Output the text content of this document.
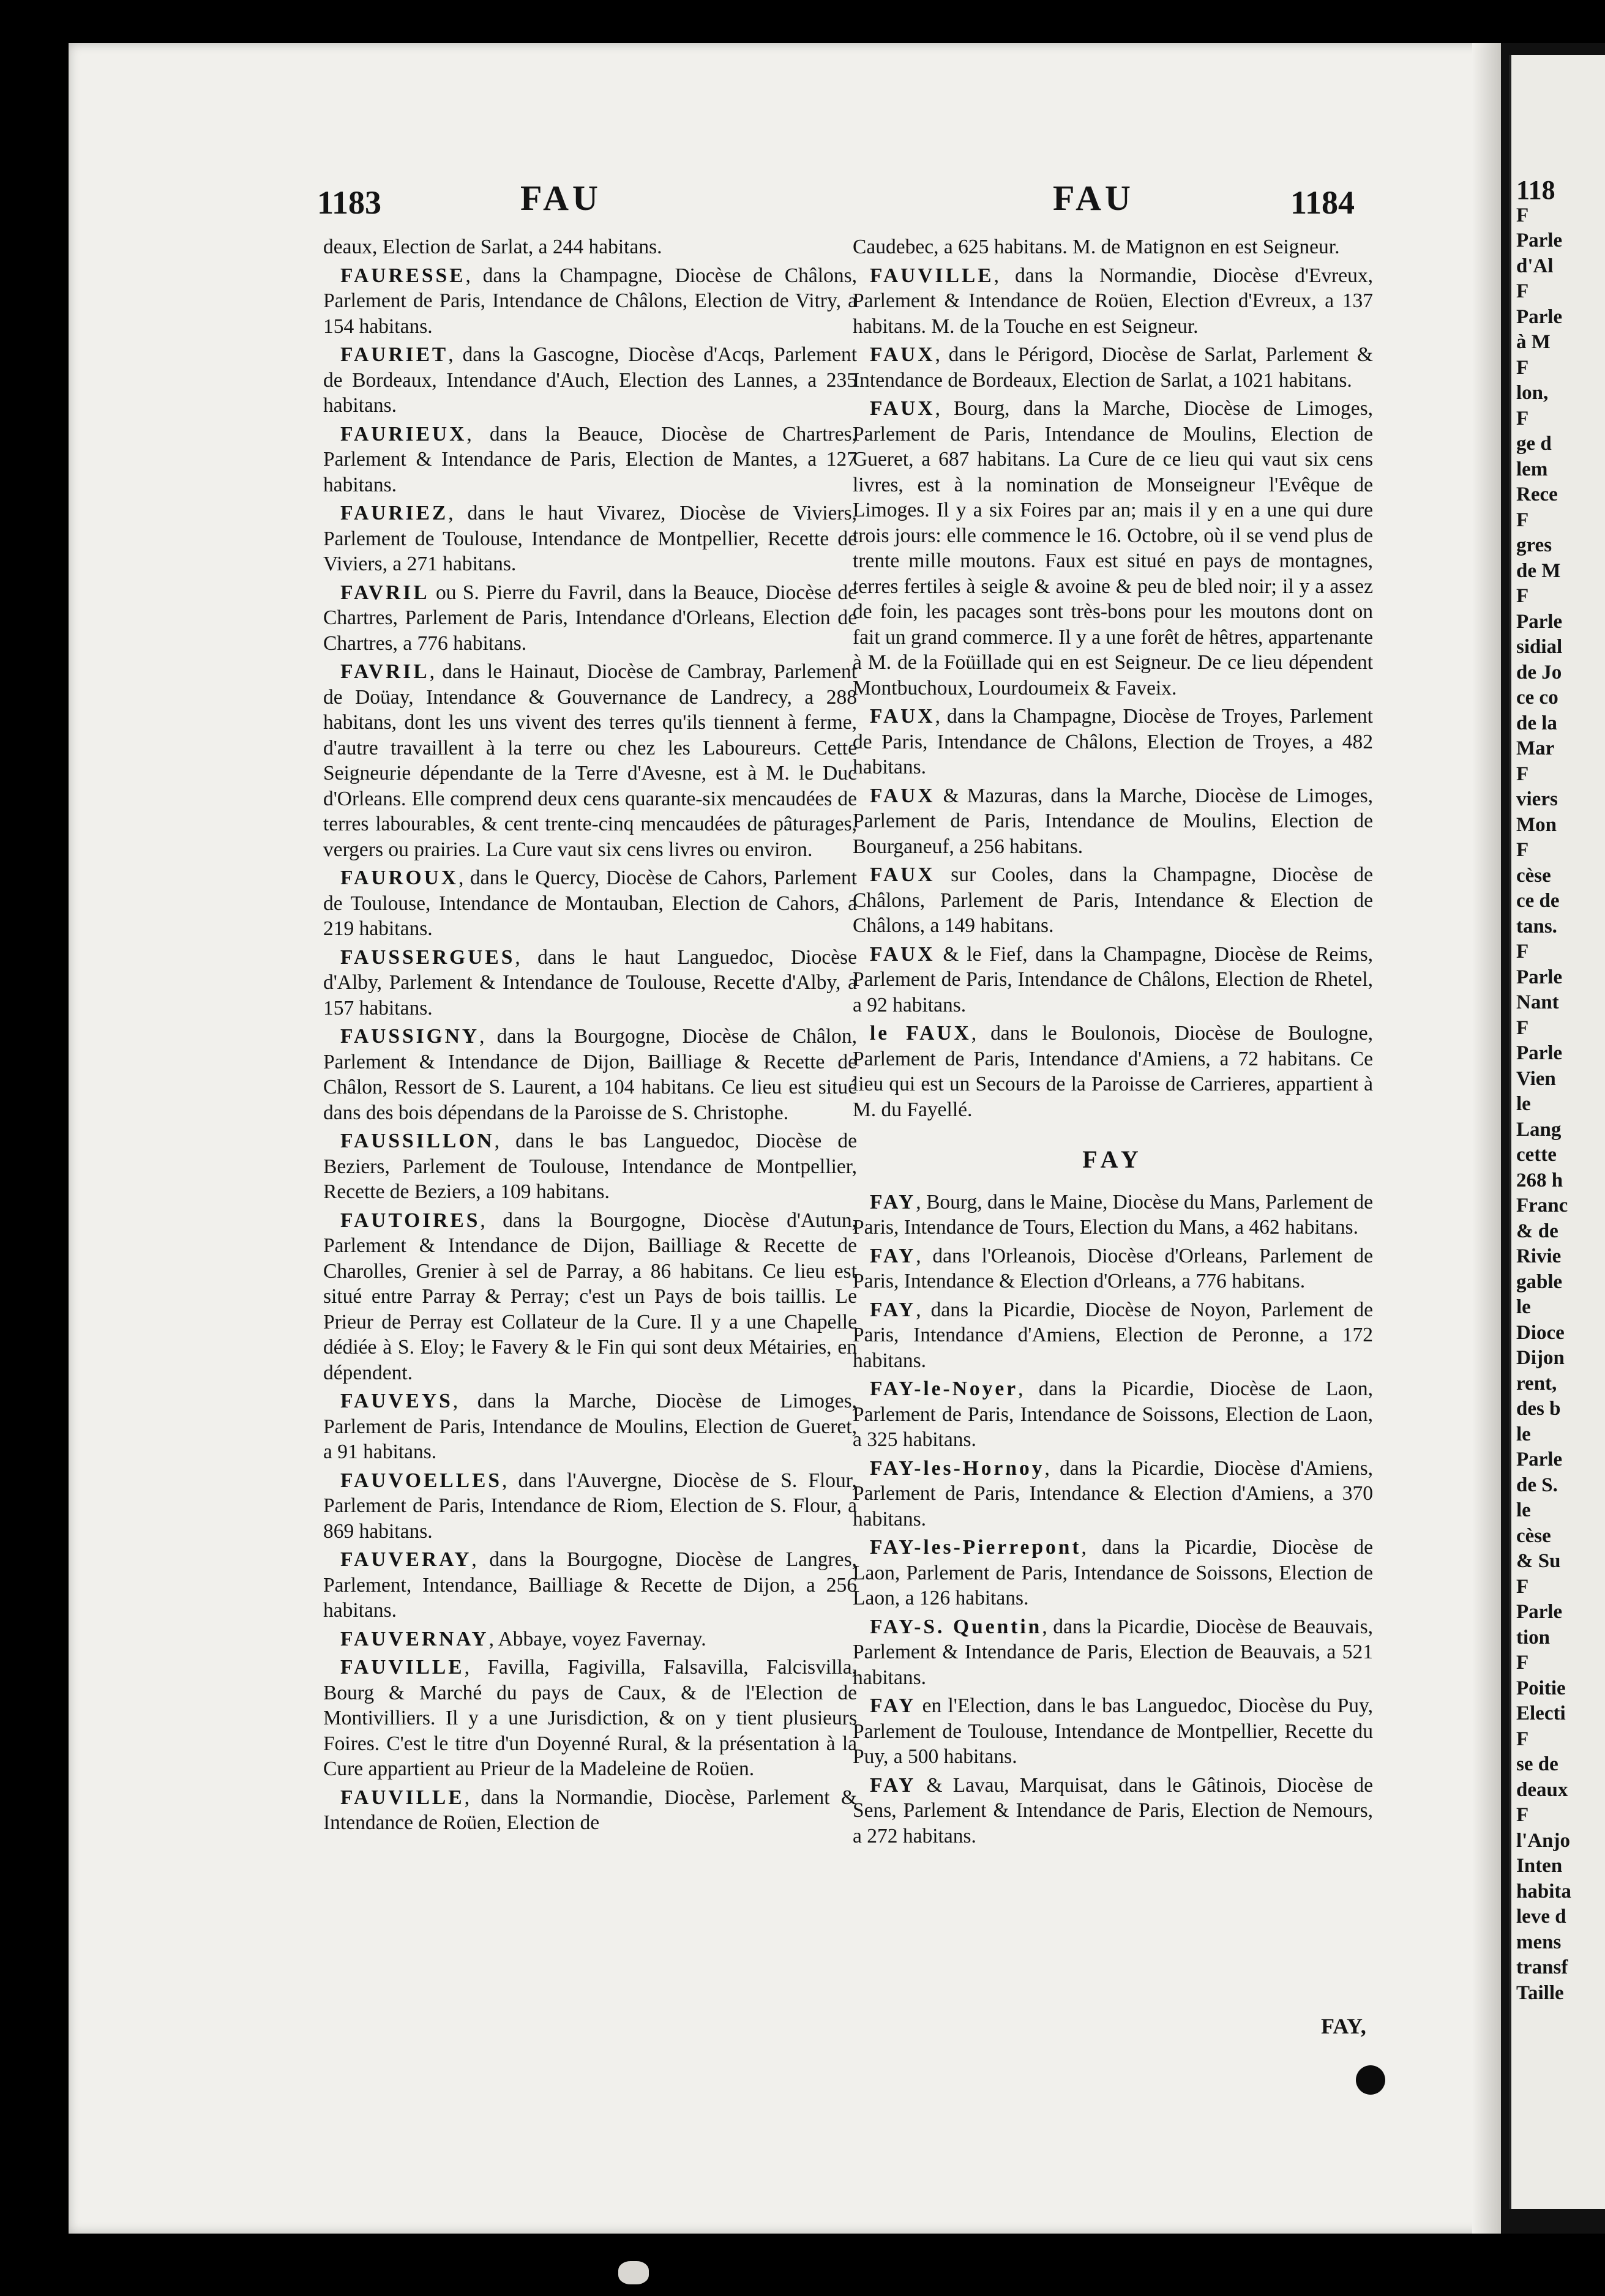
118
F
Parle
d'Al
F
Parle
à M
F
lon,
F
ge d
lem
Rece
F
gres
de M
F
Parle
sidial
de Jo
ce co
de la
Mar
F
viers
Mon
F
cèse
ce de
tans.
F
Parle
Nant
F
Parle
Vien
le
Lang
cette
268 h
Franc
& de
Rivie
gable
le
Dioce
Dijon
rent,
des b
le
Parle
de S.
le
cèse
& Su
F
Parle
tion
F
Poitie
Electi
F
se de
deaux
F
l'Anjo
Inten
habita
leve d
mens
transf
Taille
1183	FAU	FAU	1184
deaux, Election de Sarlat, a 244 habitans.
FAURESSE, dans la Champagne, Diocèse de Châlons, Parlement de Paris, Intendance de Châlons, Election de Vitry, a 154 habitans.
FAURIET, dans la Gascogne, Diocèse d'Acqs, Parlement de Bordeaux, Intendance d'Auch, Election des Lannes, a 235 habitans.
FAURIEUX, dans la Beauce, Diocèse de Chartres, Parlement & Intendance de Paris, Election de Mantes, a 127 habitans.
FAURIEZ, dans le haut Vivarez, Diocèse de Viviers, Parlement de Toulouse, Intendance de Montpellier, Recette de Viviers, a 271 habitans.
FAVRIL ou S. Pierre du Favril, dans la Beauce, Diocèse de Chartres, Parlement de Paris, Intendance d'Orleans, Election de Chartres, a 776 habitans.
FAVRIL, dans le Hainaut, Diocèse de Cambray, Parlement de Doüay, Intendance & Gouvernance de Landrecy, a 288 habitans, dont les uns vivent des terres qu'ils tiennent à ferme, d'autre travaillent à la terre ou chez les Laboureurs. Cette Seigneurie dépendante de la Terre d'Avesne, est à M. le Duc d'Orleans. Elle comprend deux cens quarante-six mencaudées de terres labourables, & cent trente-cinq mencaudées de pâturages, vergers ou prairies. La Cure vaut six cens livres ou environ.
FAUROUX, dans le Quercy, Diocèse de Cahors, Parlement de Toulouse, Intendance de Montauban, Election de Cahors, a 219 habitans.
FAUSSERGUES, dans le haut Languedoc, Diocèse d'Alby, Parlement & Intendance de Toulouse, Recette d'Alby, a 157 habitans.
FAUSSIGNY, dans la Bourgogne, Diocèse de Châlon, Parlement & Intendance de Dijon, Bailliage & Recette de Châlon, Ressort de S. Laurent, a 104 habitans. Ce lieu est situé dans des bois dépendans de la Paroisse de S. Christophe.
FAUSSILLON, dans le bas Languedoc, Diocèse de Beziers, Parlement de Toulouse, Intendance de Montpellier, Recette de Beziers, a 109 habitans.
FAUTOIRES, dans la Bourgogne, Diocèse d'Autun, Parlement & Intendance de Dijon, Bailliage & Recette de Charolles, Grenier à sel de Parray, a 86 habitans. Ce lieu est situé entre Parray & Perray; c'est un Pays de bois taillis. Le Prieur de Perray est Collateur de la Cure. Il y a une Chapelle dédiée à S. Eloy; le Favery & le Fin qui sont deux Métairies, en dépendent.
FAUVEYS, dans la Marche, Diocèse de Limoges, Parlement de Paris, Intendance de Moulins, Election de Gueret, a 91 habitans.
FAUVOELLES, dans l'Auvergne, Diocèse de S. Flour, Parlement de Paris, Intendance de Riom, Election de S. Flour, a 869 habitans.
FAUVERAY, dans la Bourgogne, Diocèse de Langres, Parlement, Intendance, Bailliage & Recette de Dijon, a 256 habitans.
FAUVERNAY, Abbaye, voyez Favernay.
FAUVILLE, Favilla, Fagivilla, Falsavilla, Falcisvilla, Bourg & Marché du pays de Caux, & de l'Election de Montivilliers. Il y a une Jurisdiction, & on y tient plusieurs Foires. C'est le titre d'un Doyenné Rural, & la présentation à la Cure appartient au Prieur de la Madeleine de Roüen.
FAUVILLE, dans la Normandie, Diocèse, Parlement & Intendance de Roüen, Election de
Caudebec, a 625 habitans. M. de Matignon en est Seigneur.
FAUVILLE, dans la Normandie, Diocèse d'Evreux, Parlement & Intendance de Roüen, Election d'Evreux, a 137 habitans. M. de la Touche en est Seigneur.
FAUX, dans le Périgord, Diocèse de Sarlat, Parlement & Intendance de Bordeaux, Election de Sarlat, a 1021 habitans.
FAUX, Bourg, dans la Marche, Diocèse de Limoges, Parlement de Paris, Intendance de Moulins, Election de Gueret, a 687 habitans. La Cure de ce lieu qui vaut six cens livres, est à la nomination de Monseigneur l'Evêque de Limoges. Il y a six Foires par an; mais il y en a une qui dure trois jours: elle commence le 16. Octobre, où il se vend plus de trente mille moutons. Faux est situé en pays de montagnes, terres fertiles à seigle & avoine & peu de bled noir; il y a assez de foin, les pacages sont très-bons pour les moutons dont on fait un grand commerce. Il y a une forêt de hêtres, appartenante à M. de la Foüillade qui en est Seigneur. De ce lieu dépendent Montbuchoux, Lourdoumeix & Faveix.
FAUX, dans la Champagne, Diocèse de Troyes, Parlement de Paris, Intendance de Châlons, Election de Troyes, a 482 habitans.
FAUX & Mazuras, dans la Marche, Diocèse de Limoges, Parlement de Paris, Intendance de Moulins, Election de Bourganeuf, a 256 habitans.
FAUX sur Cooles, dans la Champagne, Diocèse de Châlons, Parlement de Paris, Intendance & Election de Châlons, a 149 habitans.
FAUX & le Fief, dans la Champagne, Diocèse de Reims, Parlement de Paris, Intendance de Châlons, Election de Rhetel, a 92 habitans.
le FAUX, dans le Boulonois, Diocèse de Boulogne, Parlement de Paris, Intendance d'Amiens, a 72 habitans. Ce lieu qui est un Secours de la Paroisse de Carrieres, appartient à M. du Fayellé.
FAY
FAY, Bourg, dans le Maine, Diocèse du Mans, Parlement de Paris, Intendance de Tours, Election du Mans, a 462 habitans.
FAY, dans l'Orleanois, Diocèse d'Orleans, Parlement de Paris, Intendance & Election d'Orleans, a 776 habitans.
FAY, dans la Picardie, Diocèse de Noyon, Parlement de Paris, Intendance d'Amiens, Election de Peronne, a 172 habitans.
FAY-le-Noyer, dans la Picardie, Diocèse de Laon, Parlement de Paris, Intendance de Soissons, Election de Laon, a 325 habitans.
FAY-les-Hornoy, dans la Picardie, Diocèse d'Amiens, Parlement de Paris, Intendance & Election d'Amiens, a 370 habitans.
FAY-les-Pierrepont, dans la Picardie, Diocèse de Laon, Parlement de Paris, Intendance de Soissons, Election de Laon, a 126 habitans.
FAY-S. Quentin, dans la Picardie, Diocèse de Beauvais, Parlement & Intendance de Paris, Election de Beauvais, a 521 habitans.
FAY en l'Election, dans le bas Languedoc, Diocèse du Puy, Parlement de Toulouse, Intendance de Montpellier, Recette du Puy, a 500 habitans.
FAY & Lavau, Marquisat, dans le Gâtinois, Diocèse de Sens, Parlement & Intendance de Paris, Election de Nemours, a 272 habitans.
FAY,
